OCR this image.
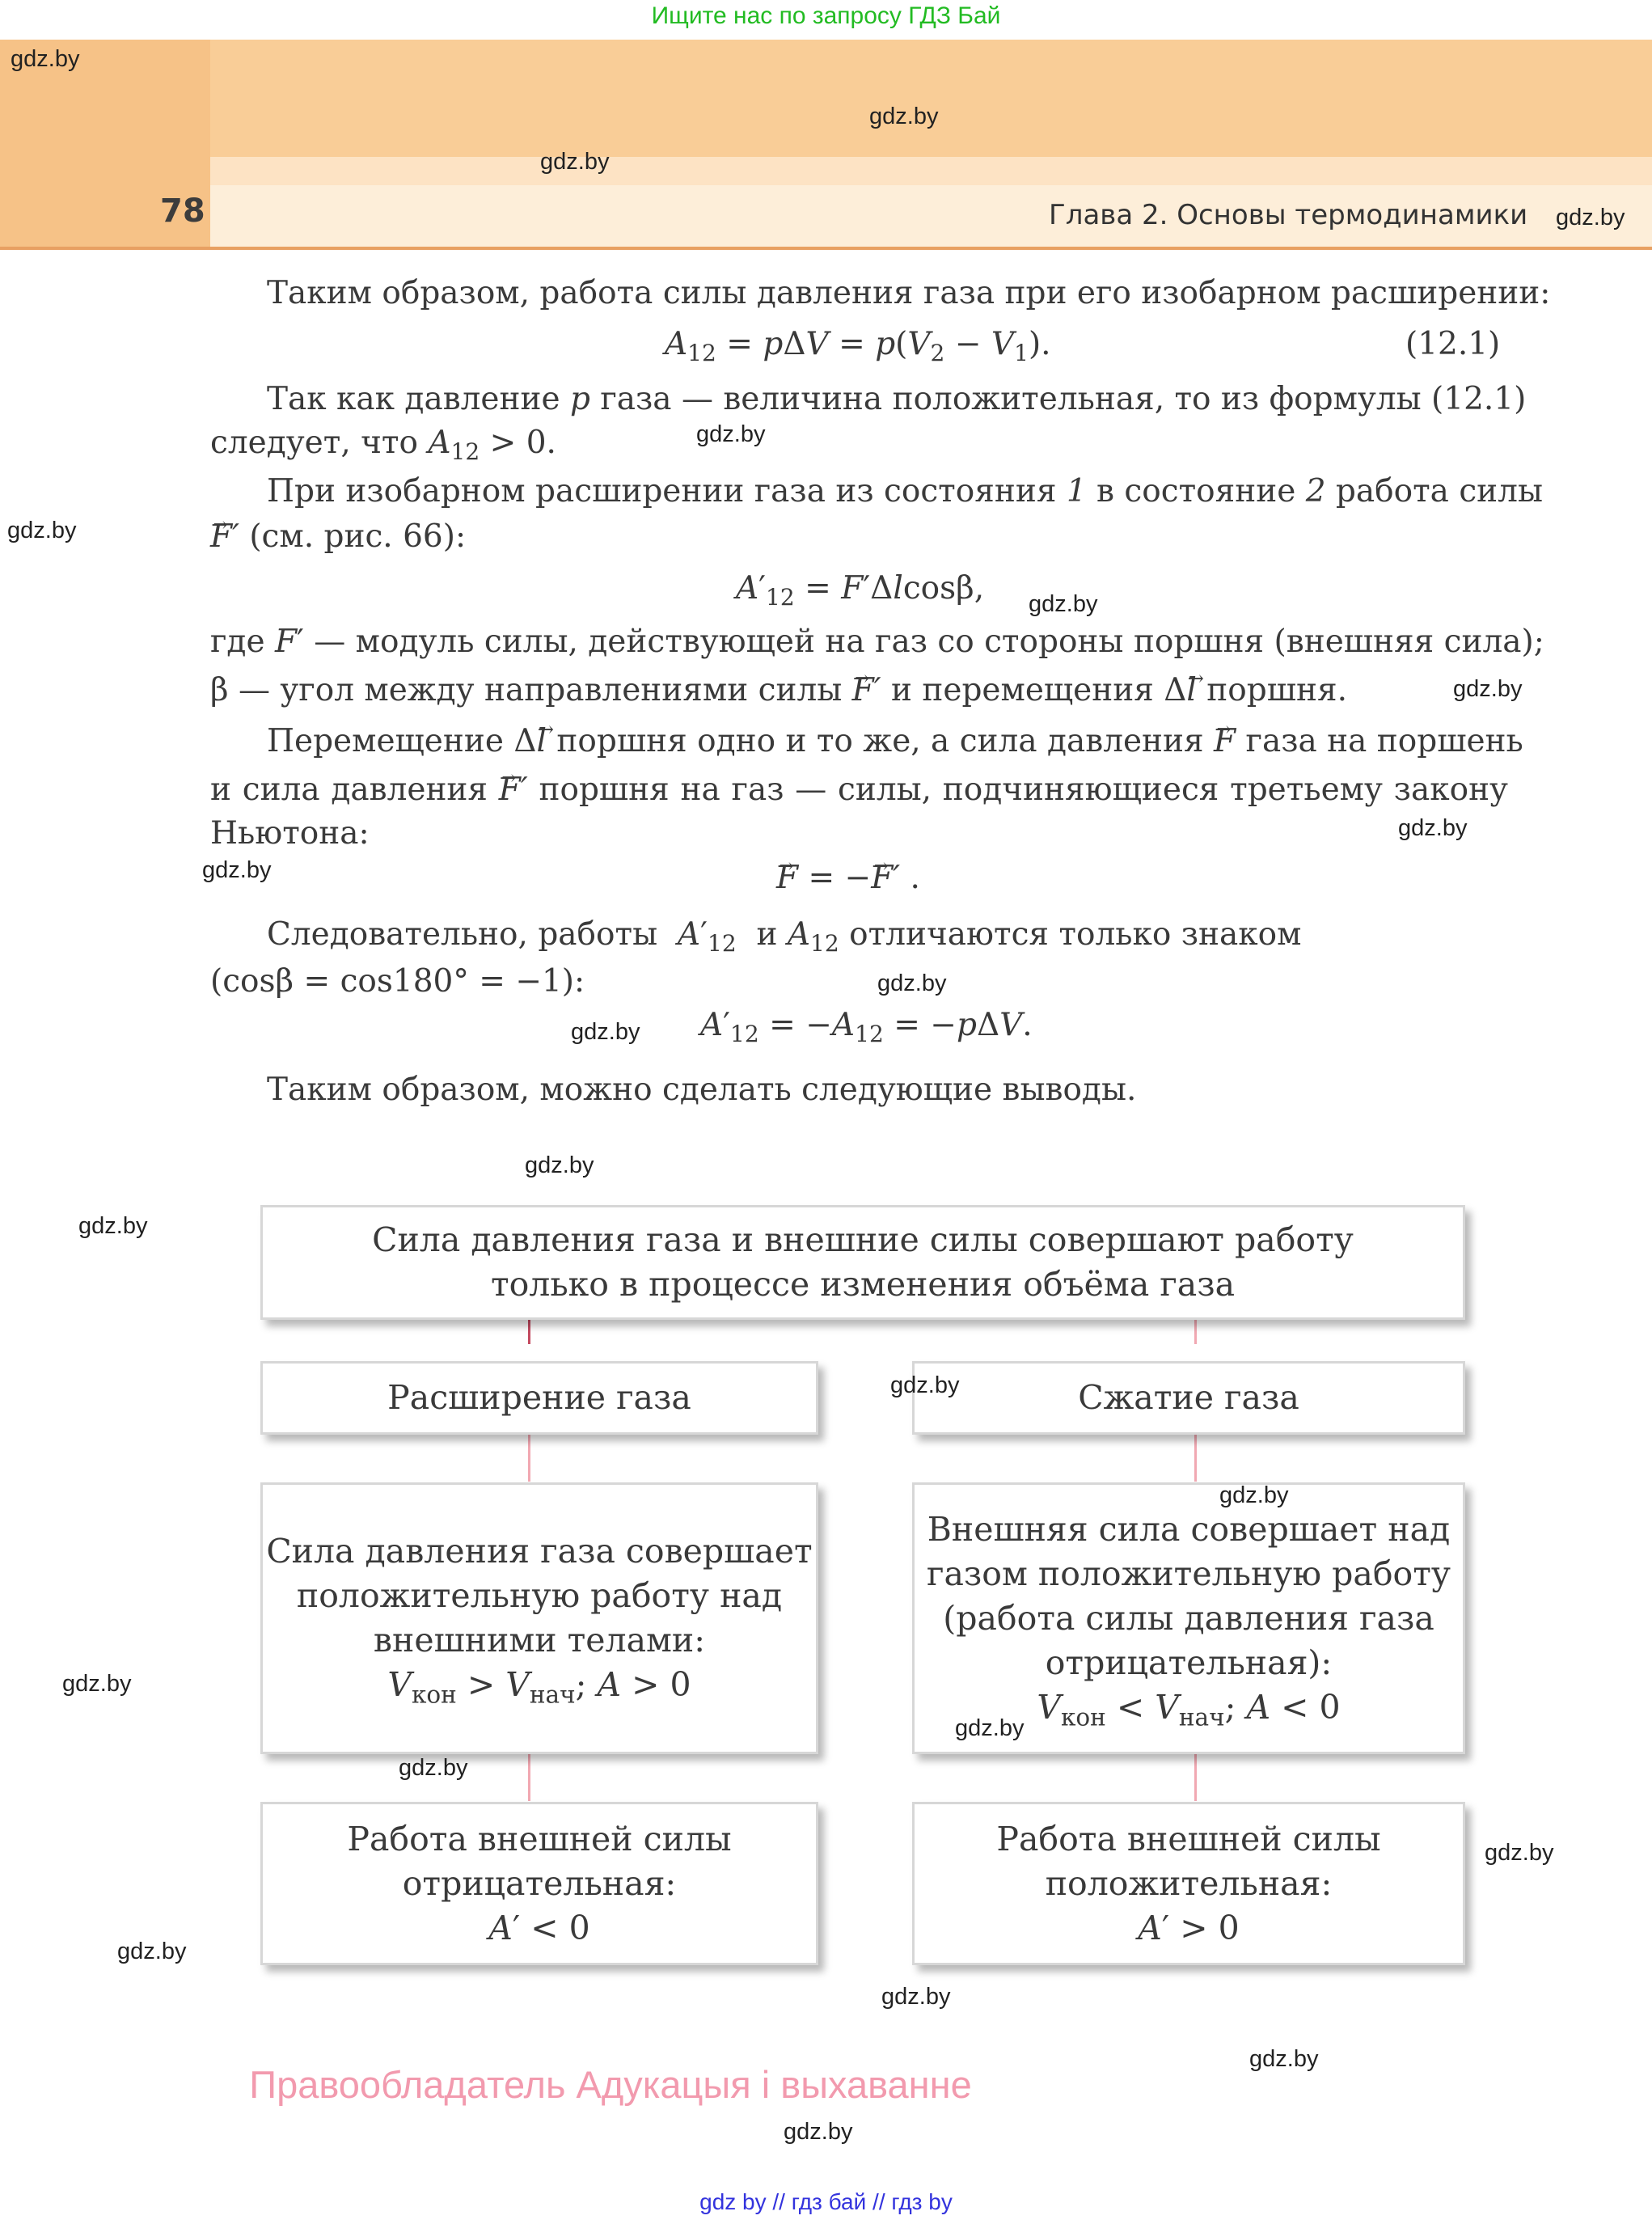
Ищите нас по запросу ГДЗ Бай
78	Глава 2. Основы термодинамики
Таким образом, работа силы давления газа при его изобарном расширении:
$A_{12} = p\Delta V = p(V_2 - V_1)$.	(12.1)
Так как давление p газа — величина положительная, то из формулы (12.1)
следует, что $A_{12} > 0$.
При изобарном расширении газа из состояния 1 в состояние 2 работа силы
→ F′ (см. рис. 66):
$A'_{12} = F'\Delta lcos\beta$,
где F′ — модуль силы, действующей на газ со стороны поршня (внешняя сила);
β — угол между направлениями силы → F′ и перемещения Δ→ l поршня.
Перемещение Δ→ l поршня одно и то же, а сила давления → F газа на поршень
и сила давления → F′ поршня на газ — силы, подчиняющиеся третьему закону
Ньютона:
→ F = −→ F′ .
Следовательно, работы  $A'_{12}$  и $A_{12}$ отличаются только знаком
(cosβ = cos180° = −1):
$A'_{12} = -A_{12} = -p\Delta V$.
Таким образом, можно сделать следующие выводы.
Сила давления газа и внешние силы совершают работу
только в процессе изменения объёма газа
Расширение газа	Сжатие газа
Сила давления газа совершает
положительную работу над
внешними телами:
$V_{кон} > V_{нач}$; A > 0
Внешняя сила совершает над
газом положительную работу
(работа силы давления газа
отрицательная):
$V_{кон} < V_{нач}$; A < 0
Работа внешней силы
отрицательная:
A′ < 0
Работа внешней силы
положительная:
A′ > 0
Правообладатель Адукацыя і выхаванне
gdz by // гдз бай // гдз by
gdz.by
gdz.by
gdz.by
gdz.by
gdz.by
gdz.by
gdz.by
gdz.by
gdz.by
gdz.by
gdz.by
gdz.by
gdz.by
gdz.by
gdz.by
gdz.by
gdz.by
gdz.by
gdz.by
gdz.by
gdz.by
gdz.by
gdz.by
gdz.by
